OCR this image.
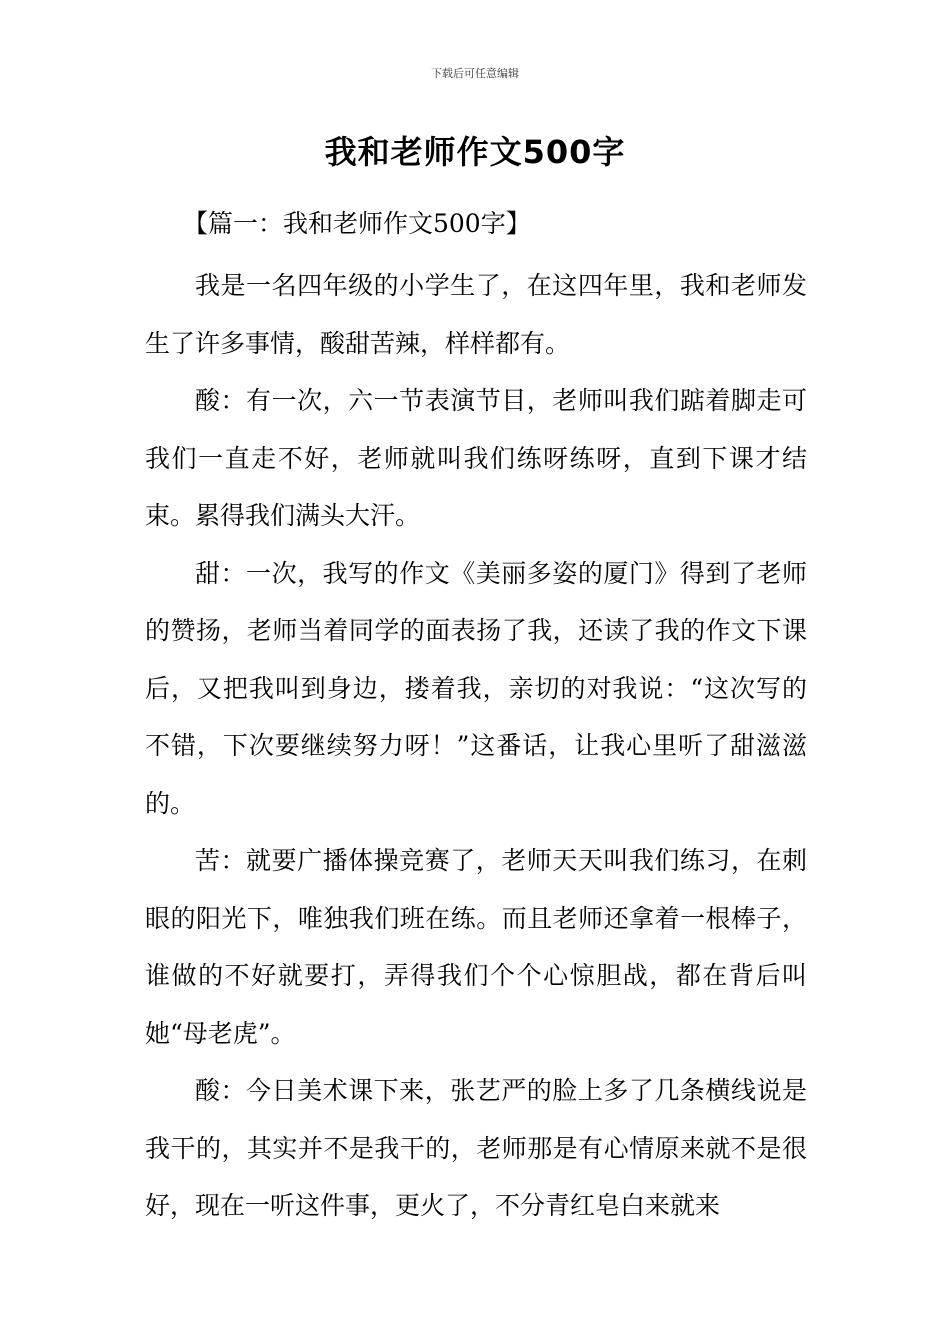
下载后可任意编辑
我和老师作文500字

【篇一：我和老师作文500字】

我是一名四年级的小学生了，在这四年里，我和老师发生了许多事情，酸甜苦辣，样样都有。

酸：有一次，六一节表演节目，老师叫我们踮着脚走可我们一直走不好，老师就叫我们练呀练呀，直到下课才结束。累得我们满头大汗。

甜：一次，我写的作文《美丽多姿的厦门》得到了老师的赞扬，老师当着同学的面表扬了我，还读了我的作文下课后，又把我叫到身边，搂着我，亲切的对我说：“这次写的不错，下次要继续努力呀！”这番话，让我心里听了甜滋滋的。

苦：就要广播体操竞赛了，老师天天叫我们练习，在刺眼的阳光下，唯独我们班在练。而且老师还拿着一根棒子，谁做的不好就要打，弄得我们个个心惊胆战，都在背后叫她“母老虎”。

酸：今日美术课下来，张艺严的脸上多了几条横线说是我干的，其实并不是我干的，老师那是有心情原来就不是很好，现在一听这件事，更火了，不分青红皂白来就来
